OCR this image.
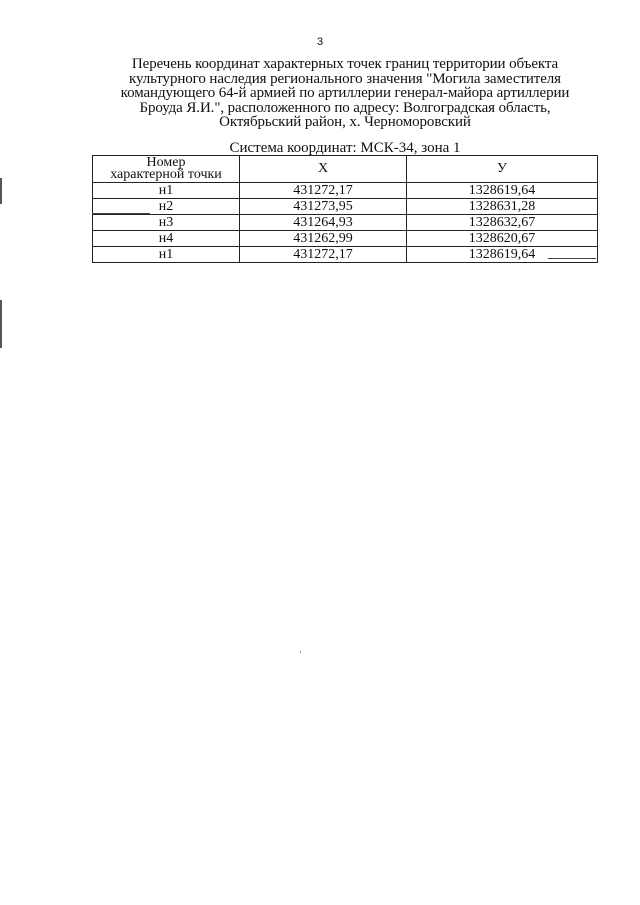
3
Перечень координат характерных точек границ территории объекта
культурного наследия регионального значения "Могила заместителя
командующего 64-й армией по артиллерии генерал-майора артиллерии
Броуда Я.И.", расположенного по адресу: Волгоградская область,
Октябрьский район, х. Черноморовский
Система координат: МСК-34, зона 1
Номер
характерной точки	X	У
н1	431272,17	1328619,64
н2	431273,95	1328631,28
н3	431264,93	1328632,67
н4	431262,99	1328620,67
н1	431272,17	1328619,64
